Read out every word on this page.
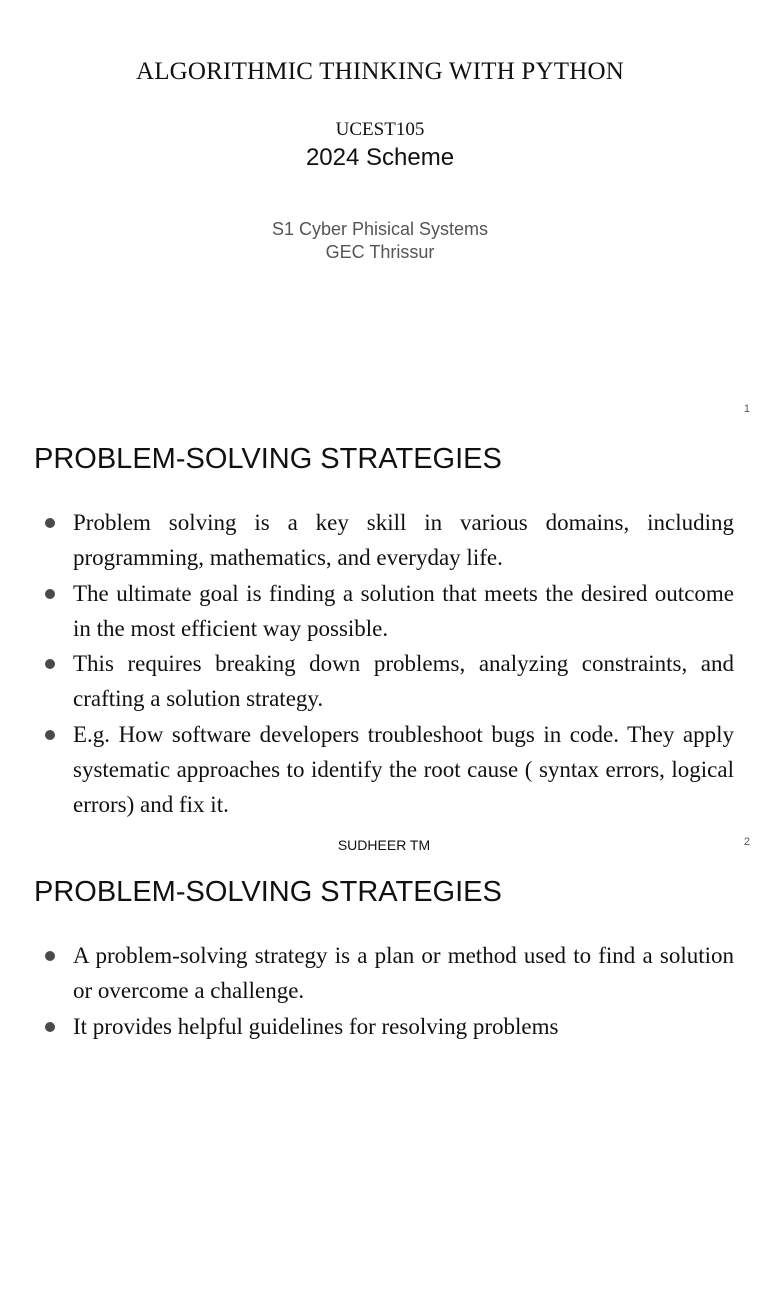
ALGORITHMIC THINKING WITH PYTHON
UCEST105
2024 Scheme
S1 Cyber Phisical Systems
GEC Thrissur
1
PROBLEM-SOLVING STRATEGIES
Problem solving is a key skill in various domains, including programming, mathematics, and everyday life.
The ultimate goal is finding a solution that meets the desired outcome in the most efficient way possible.
This requires breaking down problems, analyzing constraints, and crafting a solution strategy.
E.g. How software developers troubleshoot bugs in code. They apply systematic approaches to identify the root cause ( syntax errors, logical errors) and fix it.
SUDHEER TM	2
PROBLEM-SOLVING STRATEGIES
A problem-solving strategy is a plan or method used to find a solution or overcome a challenge.
It provides helpful guidelines for resolving problems
